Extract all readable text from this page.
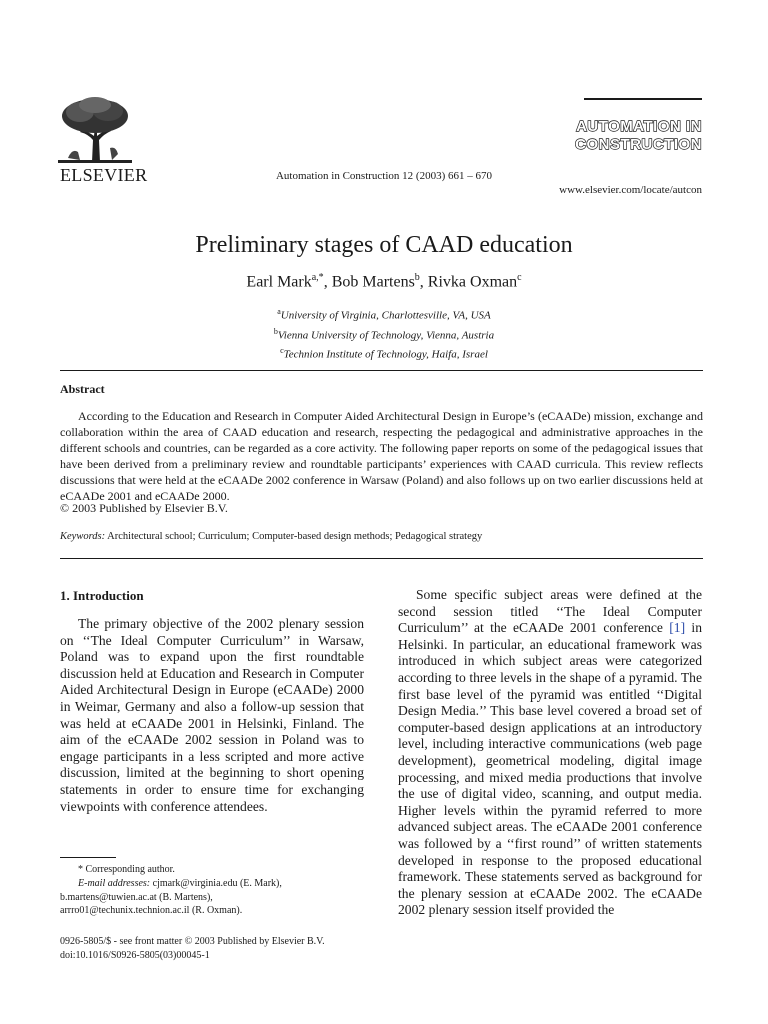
ELSEVIER	Automation in Construction 12 (2003) 661 – 670
AUTOMATION IN
CONSTRUCTION
www.elsevier.com/locate/autcon
Preliminary stages of CAAD education
Earl Mark$^{a,*}$, Bob Martens$^b$, Rivka Oxman$^c$
$^a$University of Virginia, Charlottesville, VA, USA
$^b$Vienna University of Technology, Vienna, Austria
$^c$Technion Institute of Technology, Haifa, Israel
Abstract

According to the Education and Research in Computer Aided Architectural Design in Europe’s (eCAADe) mission, exchange and collaboration within the area of CAAD education and research, respecting the pedagogical and administrative approaches in the different schools and countries, can be regarded as a core activity. The following paper reports on some of the pedagogical issues that have been derived from a preliminary review and roundtable participants’ experiences with CAAD curricula. This review reflects discussions that were held at the eCAADe 2002 conference in Warsaw (Poland) and also follows up on two earlier discussions held at eCAADe 2001 and eCAADe 2000.

© 2003 Published by Elsevier B.V.
Keywords: Architectural school; Curriculum; Computer-based design methods; Pedagogical strategy
1. Introduction

The primary objective of the 2002 plenary session on ‘‘The Ideal Computer Curriculum’’ in Warsaw, Poland was to expand upon the first roundtable discussion held at Education and Research in Computer Aided Architectural Design in Europe (eCAADe) 2000 in Weimar, Germany and also a follow-up session that was held at eCAADe 2001 in Helsinki, Finland. The aim of the eCAADe 2002 session in Poland was to engage participants in a less scripted and more active discussion, limited at the beginning to short opening statements in order to ensure time for exchanging viewpoints with conference attendees.

Some specific subject areas were defined at the second session titled ‘‘The Ideal Computer Curriculum’’ at the eCAADe 2001 conference [1] in Helsinki. In particular, an educational framework was introduced in which subject areas were categorized according to three levels in the shape of a pyramid. The first base level of the pyramid was entitled ‘‘Digital Design Media.’’ This base level covered a broad set of computer-based design applications at an introductory level, including interactive communications (web page development), geometrical modeling, digital image processing, and mixed media productions that involve the use of digital video, scanning, and output media. Higher levels within the pyramid referred to more advanced subject areas. The eCAADe 2001 conference was followed by a ‘‘first round’’ of written statements developed in response to the proposed educational framework. These statements served as background for the plenary session at eCAADe 2002. The eCAADe 2002 plenary session itself provided the

* Corresponding author.
E-mail addresses: cjmark@virginia.edu (E. Mark),
b.martens@tuwien.ac.at (B. Martens),
arrro01@techunix.technion.ac.il (R. Oxman).
0926-5805/$ - see front matter © 2003 Published by Elsevier B.V.
doi:10.1016/S0926-5805(03)00045-1
